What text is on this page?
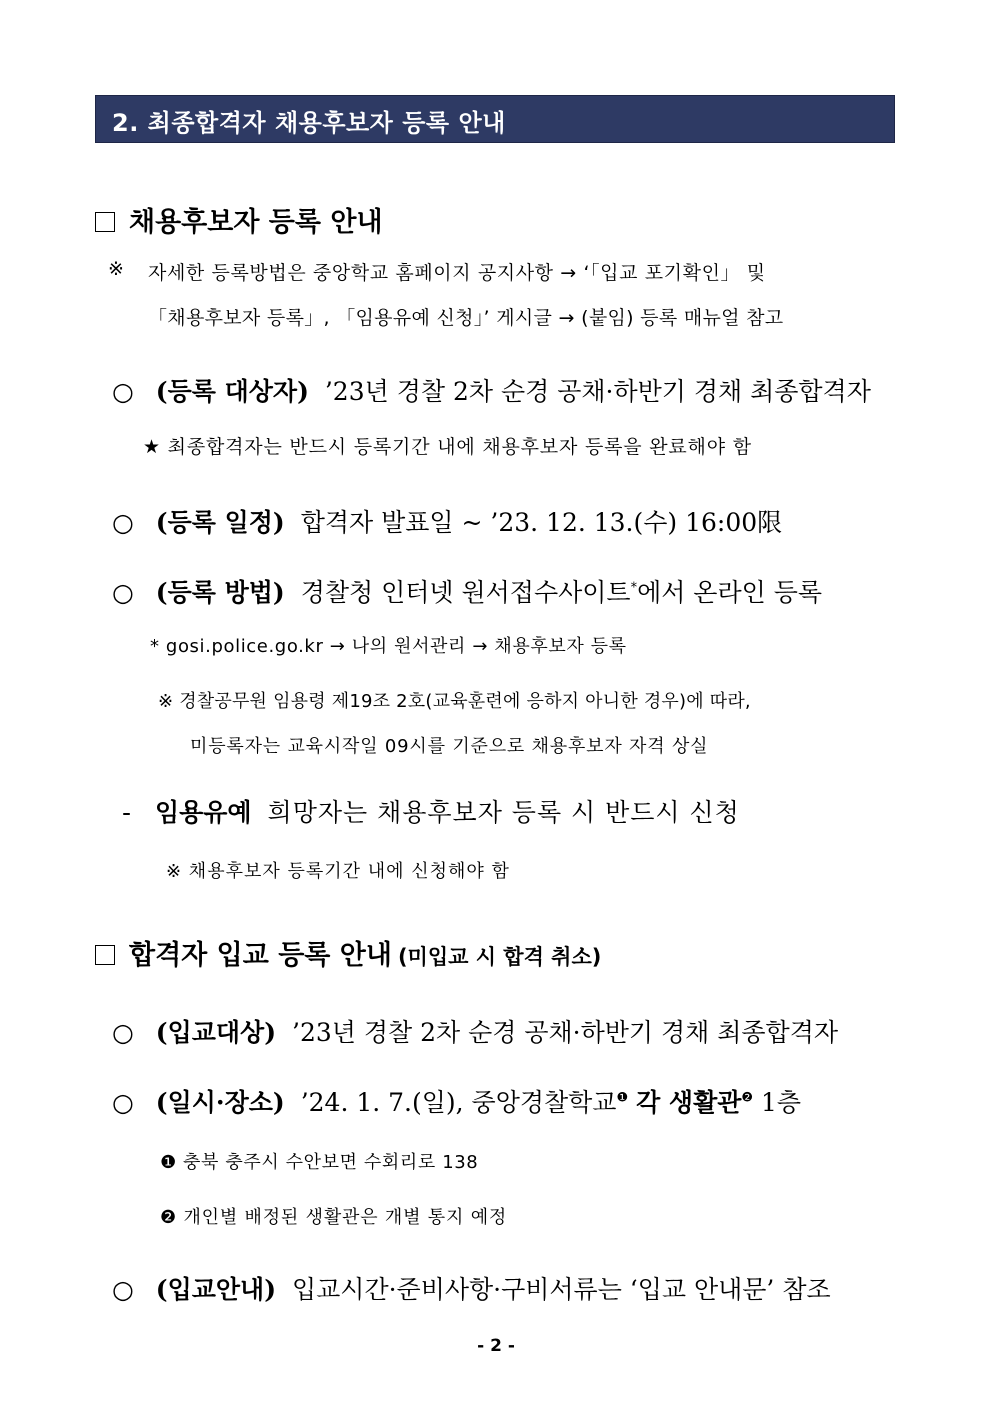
2. 최종합격자 채용후보자 등록 안내
채용후보자 등록 안내
※ 자세한 등록방법은 중앙학교 홈페이지 공지사항 → ‘「입교 포기확인」 및
「채용후보자 등록」, 「임용유예 신청」’ 게시글 → (붙임) 등록 매뉴얼 참고
○ (등록 대상자) ’23년 경찰 2차 순경 공채·하반기 경채 최종합격자
★ 최종합격자는 반드시 등록기간 내에 채용후보자 등록을 완료해야 함
○ (등록 일정) 합격자 발표일 ~ ’23. 12. 13.(수) 16:00限
○ (등록 방법) 경찰청 인터넷 원서접수사이트*에서 온라인 등록
* gosi.police.go.kr → 나의 원서관리 → 채용후보자 등록
※ 경찰공무원 임용령 제19조 2호(교육훈련에 응하지 아니한 경우)에 따라,
미등록자는 교육시작일 09시를 기준으로 채용후보자 자격 상실
- 임용유예 희망자는 채용후보자 등록 시 반드시 신청
※ 채용후보자 등록기간 내에 신청해야 함
합격자 입교 등록 안내 (미입교 시 합격 취소)
○ (입교대상) ’23년 경찰 2차 순경 공채·하반기 경채 최종합격자
○ (일시·장소) ’24. 1. 7.(일), 중앙경찰학교$^❶$ 각 생활관$^❷$ 1층
❶ 충북 충주시 수안보면 수회리로 138
❷ 개인별 배정된 생활관은 개별 통지 예정
○ (입교안내) 입교시간·준비사항·구비서류는 ‘입교 안내문’ 참조
- 2 -
